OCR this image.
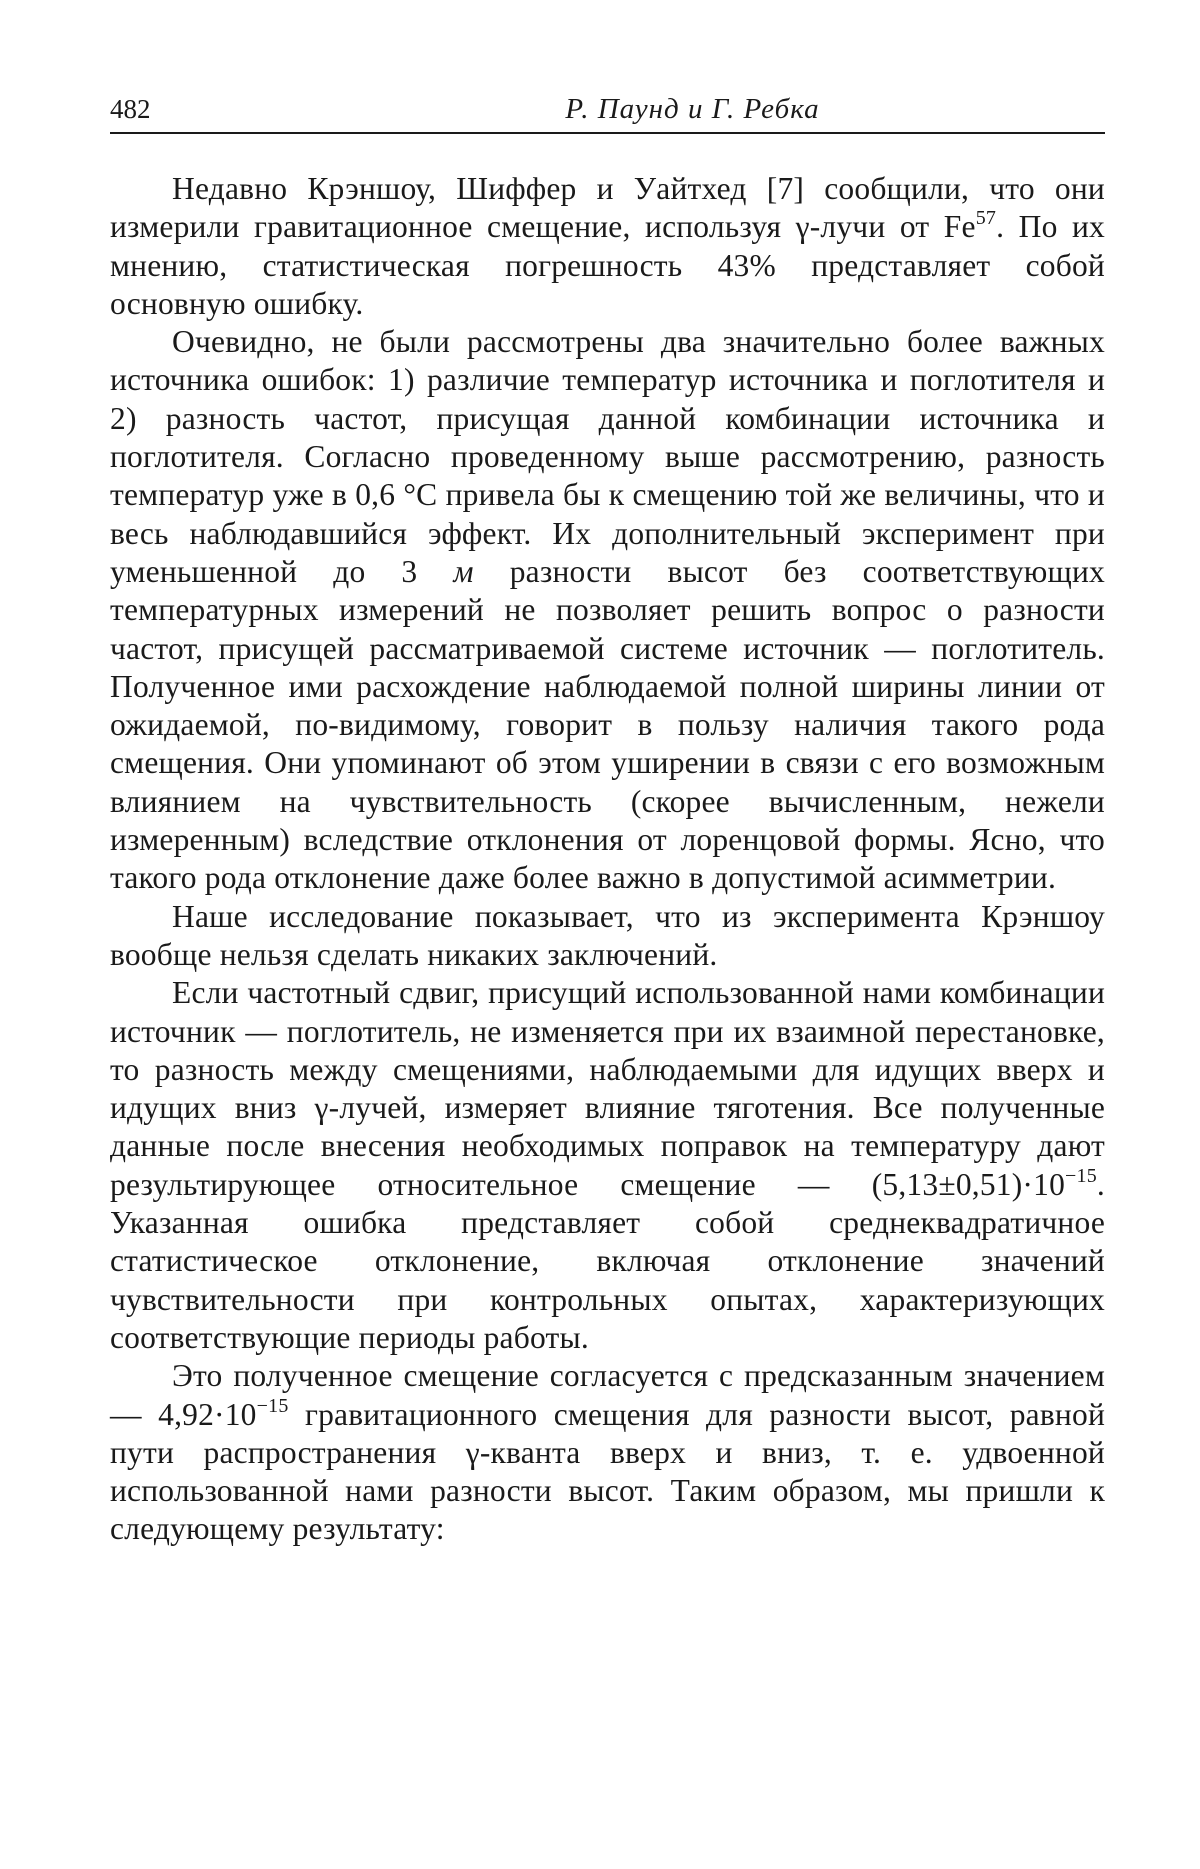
482	Р. Паунд и Г. Ребка

Недавно Крэншоу, Шиффер и Уайтхед [7] сообщили, что они измерили гравитационное смещение, используя γ-лучи от Fe$^{57}$. По их мнению, статистическая погрешность 43% представляет собой основную ошибку.

Очевидно, не были рассмотрены два значительно более важных источника ошибок: 1) различие температур источника и поглотителя и 2) разность частот, присущая данной комбинации источника и поглотителя. Согласно проведенному выше рассмотрению, разность температур уже в 0,6 °С привела бы к смещению той же величины, что и весь наблюдавшийся эффект. Их дополнительный эксперимент при уменьшенной до 3 м разности высот без соответствующих температурных измерений не позволяет решить вопрос о разности частот, присущей рассматриваемой системе источник — поглотитель. Полученное ими расхождение наблюдаемой полной ширины линии от ожидаемой, по-видимому, говорит в пользу наличия такого рода смещения. Они упоминают об этом уширении в связи с его возможным влиянием на чувствительность (скорее вычисленным, нежели измеренным) вследствие отклонения от лоренцовой формы. Ясно, что такого рода отклонение даже более важно в допустимой асимметрии.

Наше исследование показывает, что из эксперимента Крэншоу вообще нельзя сделать никаких заключений.

Если частотный сдвиг, присущий использованной нами комбинации источник — поглотитель, не изменяется при их взаимной перестановке, то разность между смещениями, наблюдаемыми для идущих вверх и идущих вниз γ-лучей, измеряет влияние тяготения. Все полученные данные после внесения необходимых поправок на температуру дают результирующее относительное смещение — $(5,13\pm 0,51)\cdot 10^{-15}$. Указанная ошибка представляет собой среднеквадратичное статистическое отклонение, включая отклонение значений чувствительности при контрольных опытах, характеризующих соответствующие периоды работы.

Это полученное смещение согласуется с предсказанным значением — $4,92\cdot 10^{-15}$ гравитационного смещения для разности высот, равной пути распространения γ-кванта вверх и вниз, т. е. удвоенной использованной нами разности высот. Таким образом, мы пришли к следующему результату:
